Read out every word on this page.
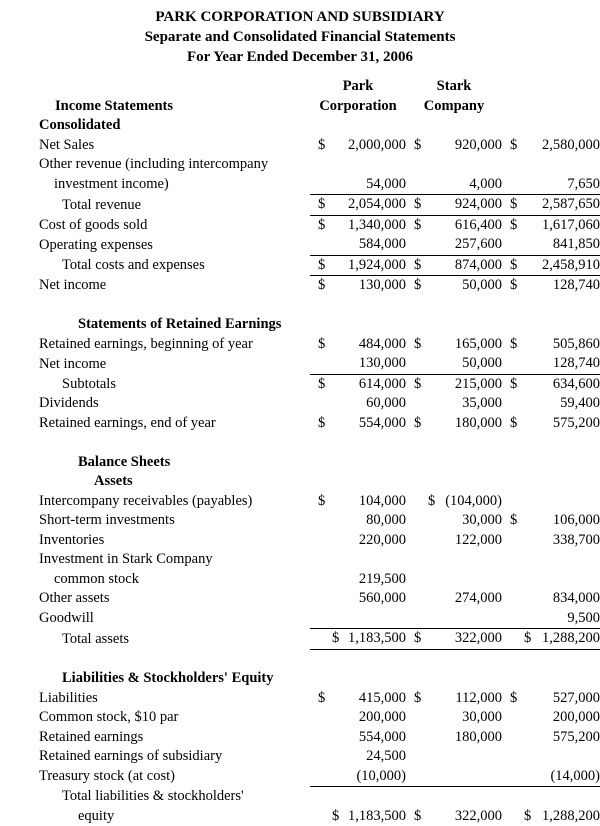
PARK CORPORATION AND SUBSIDIARY
Separate and Consolidated Financial Statements
For Year Ended December 31, 2006
	Park	Stark	
Income Statements	Corporation	Company	
Consolidated			
Net Sales	$ 2,000,000	$ 920,000	$ 2,580,000

Other revenue (including intercompany			
investment income)	54,000	4,000	7,650

Total revenue	$ 2,054,000	$ 924,000	$ 2,587,650

Cost of goods sold	$ 1,340,000	$ 616,400	$ 1,617,060

Operating expenses	584,000	257,600	841,850

Total costs and expenses	$ 1,924,000	$ 874,000	$ 2,458,910

Net income	$ 130,000	$ 50,000	$ 128,740

Statements of Retained Earnings			
Retained earnings, beginning of year	$ 484,000	$ 165,000	$ 505,860

Net income	130,000	50,000	128,740

Subtotals	$ 614,000	$ 215,000	$ 634,600

Dividends	60,000	35,000	59,400

Retained earnings, end of year	$ 554,000	$ 180,000	$ 575,200

Balance Sheets			
Assets			
Intercompany receivables (payables)	$ 104,000	$ (104,000)	

Short-term investments	80,000	30,000	$ 106,000

Inventories	220,000	122,000	338,700

Investment in Stark Company			
common stock	219,500		

Other assets	560,000	274,000	834,000

Goodwill			9,500

Total assets	$ 1,183,500	$ 322,000	$ 1,288,200

Liabilities & Stockholders' Equity			
Liabilities	$ 415,000	$ 112,000	$ 527,000

Common stock, $10 par	200,000	30,000	200,000

Retained earnings	554,000	180,000	575,200

Retained earnings of subsidiary	24,500		

Treasury stock (at cost)	(10,000)		(14,000)

Total liabilities & stockholders'			
equity	$ 1,183,500	$ 322,000	$ 1,288,200
